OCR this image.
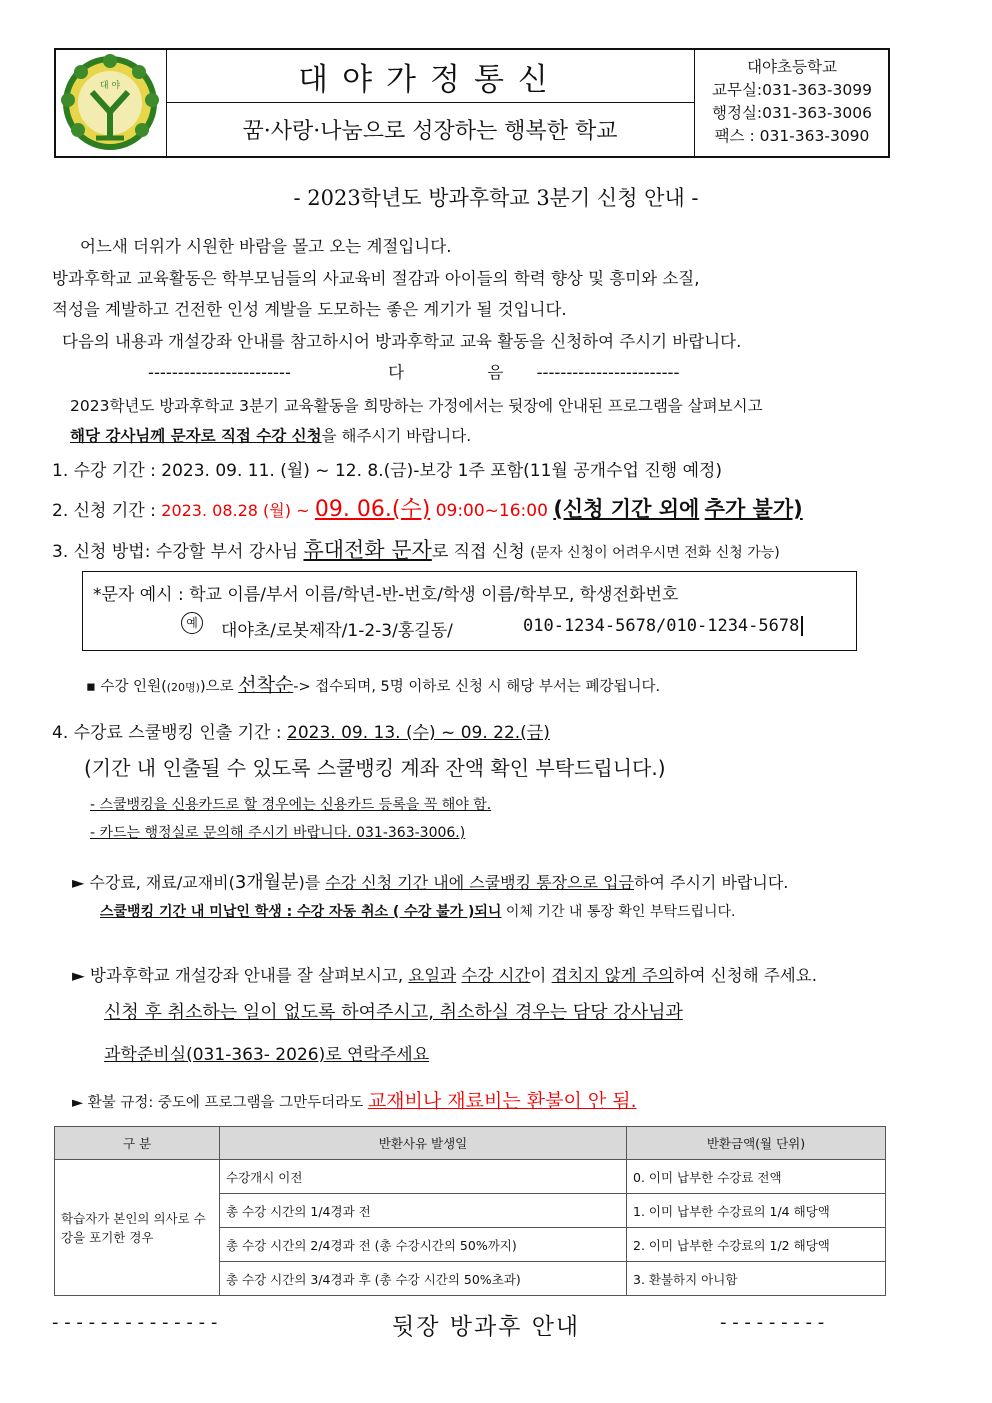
대 야	대야가정통신
꿈·사랑·나눔으로 성장하는 행복한 학교
대야초등학교
교무실:031-363-3099
행정실:031-363-3006
팩스 : 031-363-3090
- 2023학년도 방과후학교 3분기 신청 안내 -
어느새 더위가 시원한 바람을 몰고 오는 계절입니다.
방과후학교 교육활동은 학부모님들의 사교육비 절감과 아이들의 학력 향상 및 흥미와 소질,
적성을 계발하고 건전한 인성 계발을 도모하는 좋은 계기가 될 것입니다.
다음의 내용과 개설강좌 안내를 참고하시어 방과후학교 교육 활동을 신청하여 주시기 바랍니다.
------------------------	다	음 ------------------------
2023학년도 방과후학교 3분기 교육활동을 희망하는 가정에서는 뒷장에 안내된 프로그램을 살펴보시고
해당 강사님께 문자로 직접 수강 신청을 해주시기 바랍니다.
1. 수강 기간 : 2023. 09. 11. (월) ~ 12. 8.(금)-보강 1주 포함(11월 공개수업 진행 예정)
2. 신청 기간 : 2023. 08.28 (월) ~ 09. 06.(수) 09:00~16:00 (신청 기간 외에 추가 불가)
3. 신청 방법: 수강할 부서 강사님 휴대전화 문자로 직접 신청 (문자 신청이 어려우시면 전화 신청 가능)
*문자 예시 : 학교 이름/부서 이름/학년-반-번호/학생 이름/학부모, 학생전화번호
예	대야초/로봇제작/1-2-3/홍길동/	010-1234-5678/010-1234-5678
▪ 수강 인원((20명))으로 선착순-> 접수되며, 5명 이하로 신청 시 해당 부서는 폐강됩니다.
4. 수강료 스쿨뱅킹 인출 기간 : 2023. 09. 13. (수) ~ 09. 22.(금)
(기간 내 인출될 수 있도록 스쿨뱅킹 계좌 잔액 확인 부탁드립니다.)
- 스쿨뱅킹을 신용카드로 할 경우에는 신용카드 등록을 꼭 해야 함.
- 카드는 행정실로 문의해 주시기 바랍니다. 031-363-3006.)
► 수강료, 재료/교재비(3개월분)를 수강 신청 기간 내에 스쿨뱅킹 통장으로 입금하여 주시기 바랍니다.
스쿨뱅킹 기간 내 미납인 학생 : 수강 자동 취소 ( 수강 불가 )되니 이체 기간 내 통장 확인 부탁드립니다.
► 방과후학교 개설강좌 안내를 잘 살펴보시고, 요일과 수강 시간이 겹치지 않게 주의하여 신청해 주세요.
신청 후 취소하는 일이 없도록 하여주시고, 취소하실 경우는 담당 강사님과
과학준비실(031-363- 2026)로 연락주세요
► 환불 규정: 중도에 프로그램을 그만두더라도 교재비나 재료비는 환불이 안 됨.
구 분	반환사유 발생일	반환금액(월 단위)
학습자가 본인의 의사로 수강을 포기한 경우	수강개시 이전	0. 이미 납부한 수강료 전액
	총 수강 시간의 1/4경과 전	1. 이미 납부한 수강료의 1/4 해당액
	총 수강 시간의 2/4경과 전 (총 수강시간의 50%까지)	2. 이미 납부한 수강료의 1/2 해당액
	총 수강 시간의 3/4경과 후 (총 수강 시간의 50%초과)	3. 환불하지 아니함
- - - - - - - - - - - - - -	뒷장 방과후 안내	- - - - - - - - -
